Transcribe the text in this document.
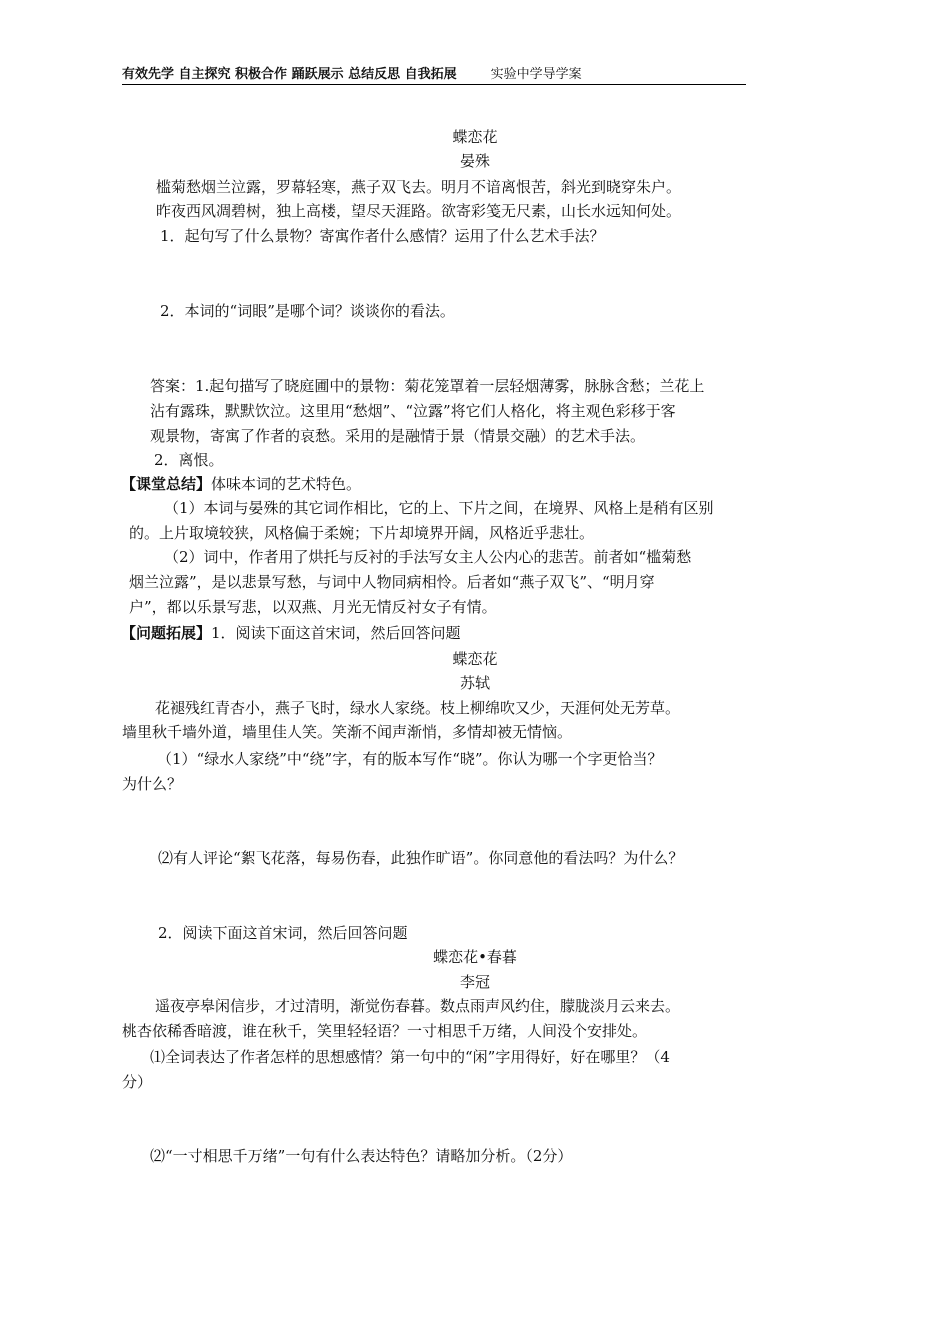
有效先学 自主探究 积极合作 踊跃展示 总结反思 自我拓展	实验中学导学案
蝶恋花
晏殊
槛菊愁烟兰泣露，罗幕轻寒，燕子双飞去。明月不谙离恨苦，斜光到晓穿朱户。
昨夜西风凋碧树，独上高楼，望尽天涯路。欲寄彩笺无尺素，山长水远知何处。
1．起句写了什么景物？寄寓作者什么感情？运用了什么艺术手法？
2．本词的“词眼”是哪个词？谈谈你的看法。
答案：1.起句描写了晓庭圃中的景物：菊花笼罩着一层轻烟薄雾，脉脉含愁；兰花上
沾有露珠，默默饮泣。这里用“愁烟”、“泣露”将它们人格化，将主观色彩移于客
观景物，寄寓了作者的哀愁。采用的是融情于景（情景交融）的艺术手法。
2．离恨。
【课堂总结】体味本词的艺术特色。
（1）本词与晏殊的其它词作相比，它的上、下片之间，在境界、风格上是稍有区别
的。上片取境较狭，风格偏于柔婉；下片却境界开阔，风格近乎悲壮。
（2）词中，作者用了烘托与反衬的手法写女主人公内心的悲苦。前者如“槛菊愁
烟兰泣露”，是以悲景写愁，与词中人物同病相怜。后者如“燕子双飞”、“明月穿
户”，都以乐景写悲，以双燕、月光无情反衬女子有情。
【问题拓展】1．阅读下面这首宋词，然后回答问题
蝶恋花
苏轼
花褪残红青杏小，燕子飞时，绿水人家绕。枝上柳绵吹又少，天涯何处无芳草。
墙里秋千墙外道，墙里佳人笑。笑渐不闻声渐悄，多情却被无情恼。
（1）“绿水人家绕”中“绕”字，有的版本写作“晓”。你认为哪一个字更恰当？
为什么？
⑵有人评论“絮飞花落，每易伤春，此独作旷语”。你同意他的看法吗？为什么？
2．阅读下面这首宋词，然后回答问题
蝶恋花•春暮
李冠
遥夜亭皋闲信步，才过清明，渐觉伤春暮。数点雨声风约住，朦胧淡月云来去。
桃杏依稀香暗渡，谁在秋千，笑里轻轻语？一寸相思千万绪，人间没个安排处。
⑴全词表达了作者怎样的思想感情？第一句中的“闲”字用得好，好在哪里？（4
分）
⑵“一寸相思千万绪”一句有什么表达特色？请略加分析。（2分）
